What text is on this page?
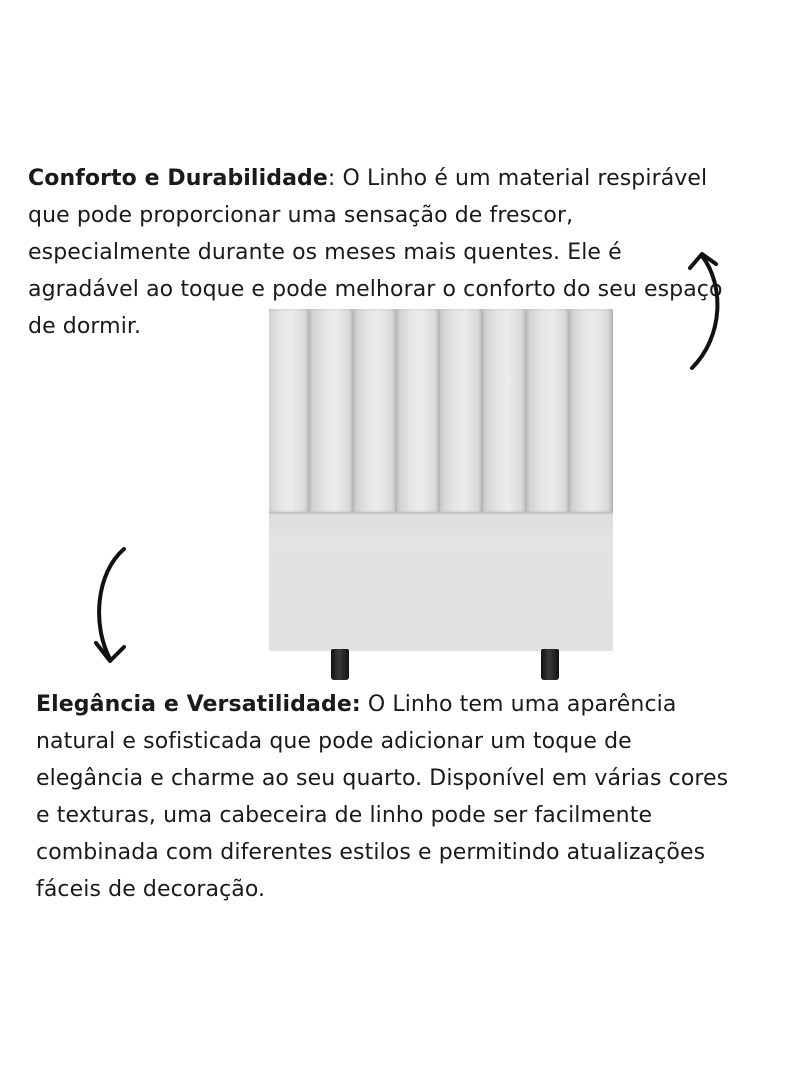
Conforto e Durabilidade: O Linho é um material respirável que pode proporcionar uma sensação de frescor, especialmente durante os meses mais quentes. Ele é agradável ao toque e pode melhorar o conforto do seu espaço de dormir.

Elegância e Versatilidade: O Linho tem uma aparência natural e sofisticada que pode adicionar um toque de elegância e charme ao seu quarto. Disponível em várias cores e texturas, uma cabeceira de linho pode ser facilmente combinada com diferentes estilos e permitindo atualizações fáceis de decoração.
